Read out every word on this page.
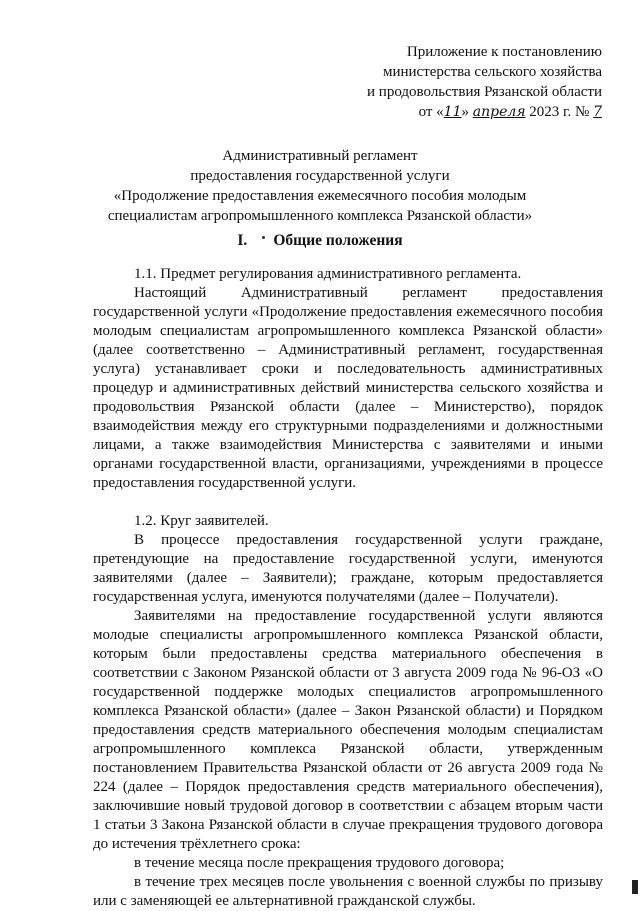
Приложение к постановлению
министерства сельского хозяйства
и продовольствия Рязанской области
от «11» апреля 2023 г. № 7
Административный регламент
предоставления государственной услуги
«Продолжение предоставления ежемесячного пособия молодым
специалистам агропромышленного комплекса Рязанской области»
I. Общие положения

1.1. Предмет регулирования административного регламента.

Настоящий Административный регламент предоставления государственной услуги «Продолжение предоставления ежемесячного пособия молодым специалистам агропромышленного комплекса Рязанской области» (далее соответственно – Административный регламент, государственная услуга) устанавливает сроки и последовательность административных процедур и административных действий министерства сельского хозяйства и продовольствия Рязанской области (далее – Министерство), порядок взаимодействия между его структурными подразделениями и должностными лицами, а также взаимодействия Министерства с заявителями и иными органами государственной власти, организациями, учреждениями в процессе предоставления государственной услуги.

1.2. Круг заявителей.

В процессе предоставления государственной услуги граждане, претендующие на предоставление государственной услуги, именуются заявителями (далее – Заявители); граждане, которым предоставляется государственная услуга, именуются получателями (далее – Получатели).

Заявителями на предоставление государственной услуги являются молодые специалисты агропромышленного комплекса Рязанской области, которым были предоставлены средства материального обеспечения в соответствии с Законом Рязанской области от 3 августа 2009 года № 96-ОЗ «О государственной поддержке молодых специалистов агропромышленного комплекса Рязанской области» (далее – Закон Рязанской области) и Порядком предоставления средств материального обеспечения молодым специалистам агропромышленного комплекса Рязанской области, утвержденным постановлением Правительства Рязанской области от 26 августа 2009 года № 224 (далее – Порядок предоставления средств материального обеспечения), заключившие новый трудовой договор в соответствии с абзацем вторым части 1 статьи 3 Закона Рязанской области в случае прекращения трудового договора до истечения трёхлетнего срока:

в течение месяца после прекращения трудового договора;

в течение трех месяцев после увольнения с военной службы по призыву или с заменяющей ее альтернативной гражданской службы.
